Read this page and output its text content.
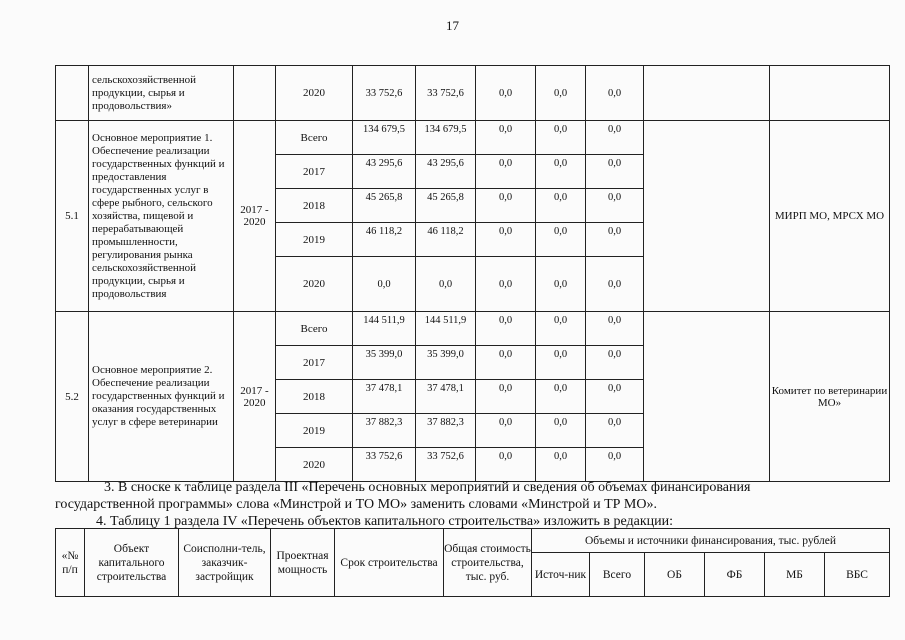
17
	сельскохозяйственной продукции, сырья и продовольствия»		2020	33 752,6	33 752,6	0,0	0,0	0,0		
5.1	Основное мероприятие 1. Обеспечение реализации государственных функций и предоставления государственных услуг в сфере рыбного, сельского хозяйства, пищевой и перерабатывающей промышленности, регулирования рынка сельскохозяйственной продукции, сырья и продовольствия	2017 - 2020	Всего	134 679,5	134 679,5	0,0	0,0	0,0		МИРП МО, МРСХ МО
			2017	43 295,6	43 295,6	0,0	0,0	0,0		
			2018	45 265,8	45 265,8	0,0	0,0	0,0		
			2019	46 118,2	46 118,2	0,0	0,0	0,0		
			2020	0,0	0,0	0,0	0,0	0,0		
5.2	Основное мероприятие 2. Обеспечение реализации государственных функций и оказания государственных услуг в сфере ветеринарии	2017 - 2020	Всего	144 511,9	144 511,9	0,0	0,0	0,0		Комитет по ветеринарии МО»
			2017	35 399,0	35 399,0	0,0	0,0	0,0		
			2018	37 478,1	37 478,1	0,0	0,0	0,0		
			2019	37 882,3	37 882,3	0,0	0,0	0,0		
			2020	33 752,6	33 752,6	0,0	0,0	0,0		
3. В сноске к таблице раздела III «Перечень основных мероприятий и сведения об объемах финансирования
государственной программы» слова «Минстрой и ТО МО» заменить словами «Минстрой и ТР МО».
4. Таблицу 1 раздела IV «Перечень объектов капитального строительства» изложить в редакции:
«№ п/п	Объект капитального строительства	Соисполни-тель, заказчик-застройщик	Проектная мощность	Срок строительства	Общая стоимость строительства, тыс. руб.	Объемы и источники финансирования, тыс. рублей					
						Источ-ник	Всего	ОБ	ФБ	МБ	ВБС
